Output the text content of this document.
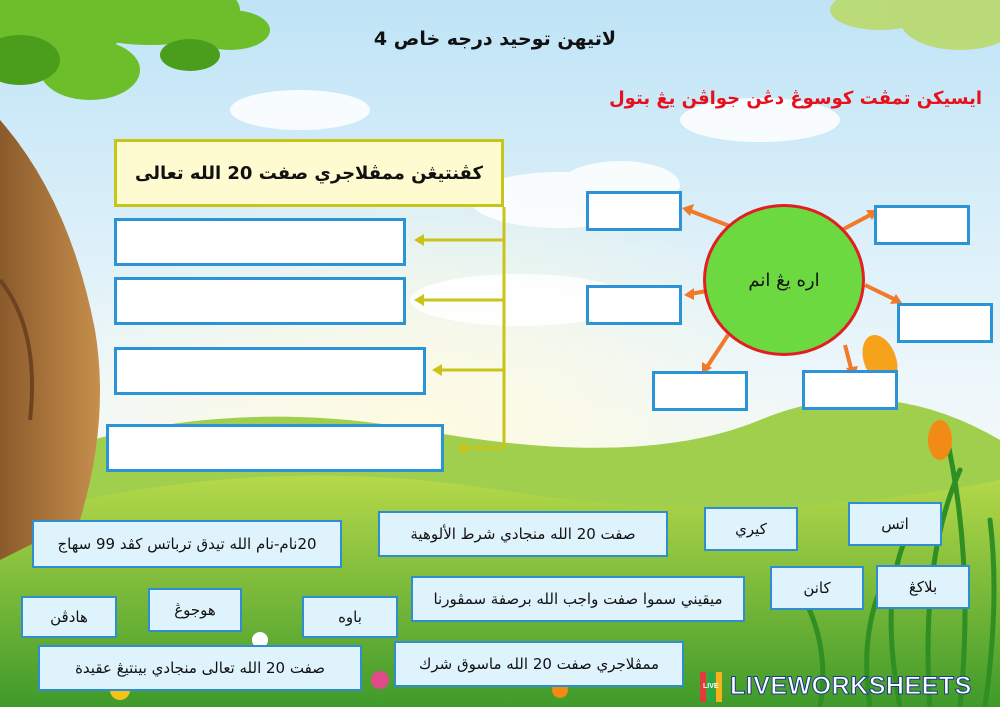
لاتيهن توحيد درجه خاص 4
ايسيكن تمڤت كوسوڠ دڠن جواڤن يڠ بتول
كڤنتيڠن ممڤلاجري صفت 20 الله تعالى
اره يڠ انم
20نام-نام الله تيدق ترباتس كڤد 99 سهاج
صفت 20 الله منجادي شرط الألوهية	كيري	اتس
هادڤن	هوجوڠ	باوه
ميقيني سموا صفت واجب الله برصفة سمڤورنا
كانن	بلاكڠ
صفت 20 الله تعالى منجادي بينتيڠ عقيدة	ممڤلاجري صفت 20 الله ماسوق شرك
LIVE LIVEWORKSHEETS
